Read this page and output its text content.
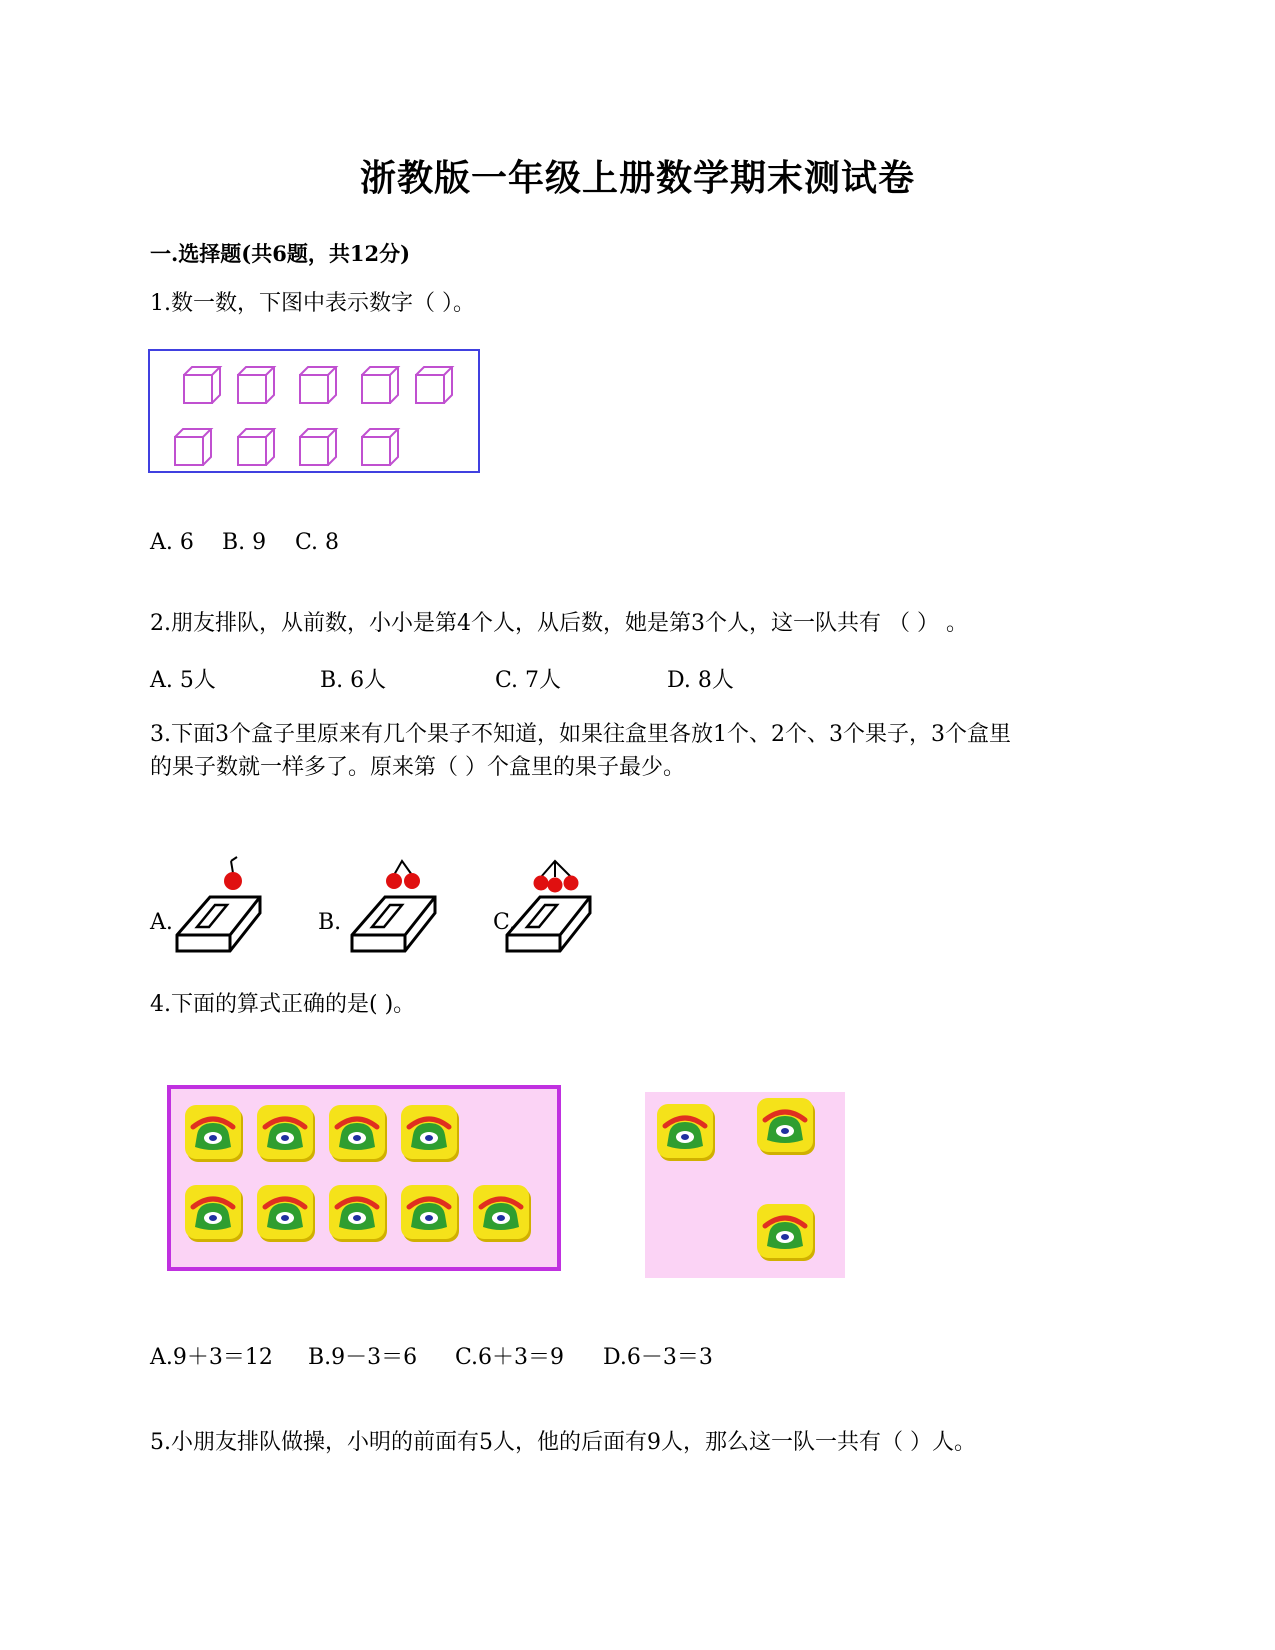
浙教版一年级上册数学期末测试卷
一.选择题(共6题，共12分)
1.数一数，下图中表示数字（ ）。
A. 6 B. 9 C. 8
2.朋友排队，从前数，小小是第4个人，从后数，她是第3个人，这一队共有 （ ） 。
A. 5人	B. 6人	C. 7人	D. 8人
3.下面3个盒子里原来有几个果子不知道，如果往盒里各放1个、2个、3个果子，3个盒里
的果子数就一样多了。原来第（ ）个盒里的果子最少。
A.	B.	C.
4.下面的算式正确的是( )。
A.9＋3＝12 B.9－3＝6 C.6＋3＝9 D.6－3＝3
5.小朋友排队做操，小明的前面有5人，他的后面有9人，那么这一队一共有（ ）人。
